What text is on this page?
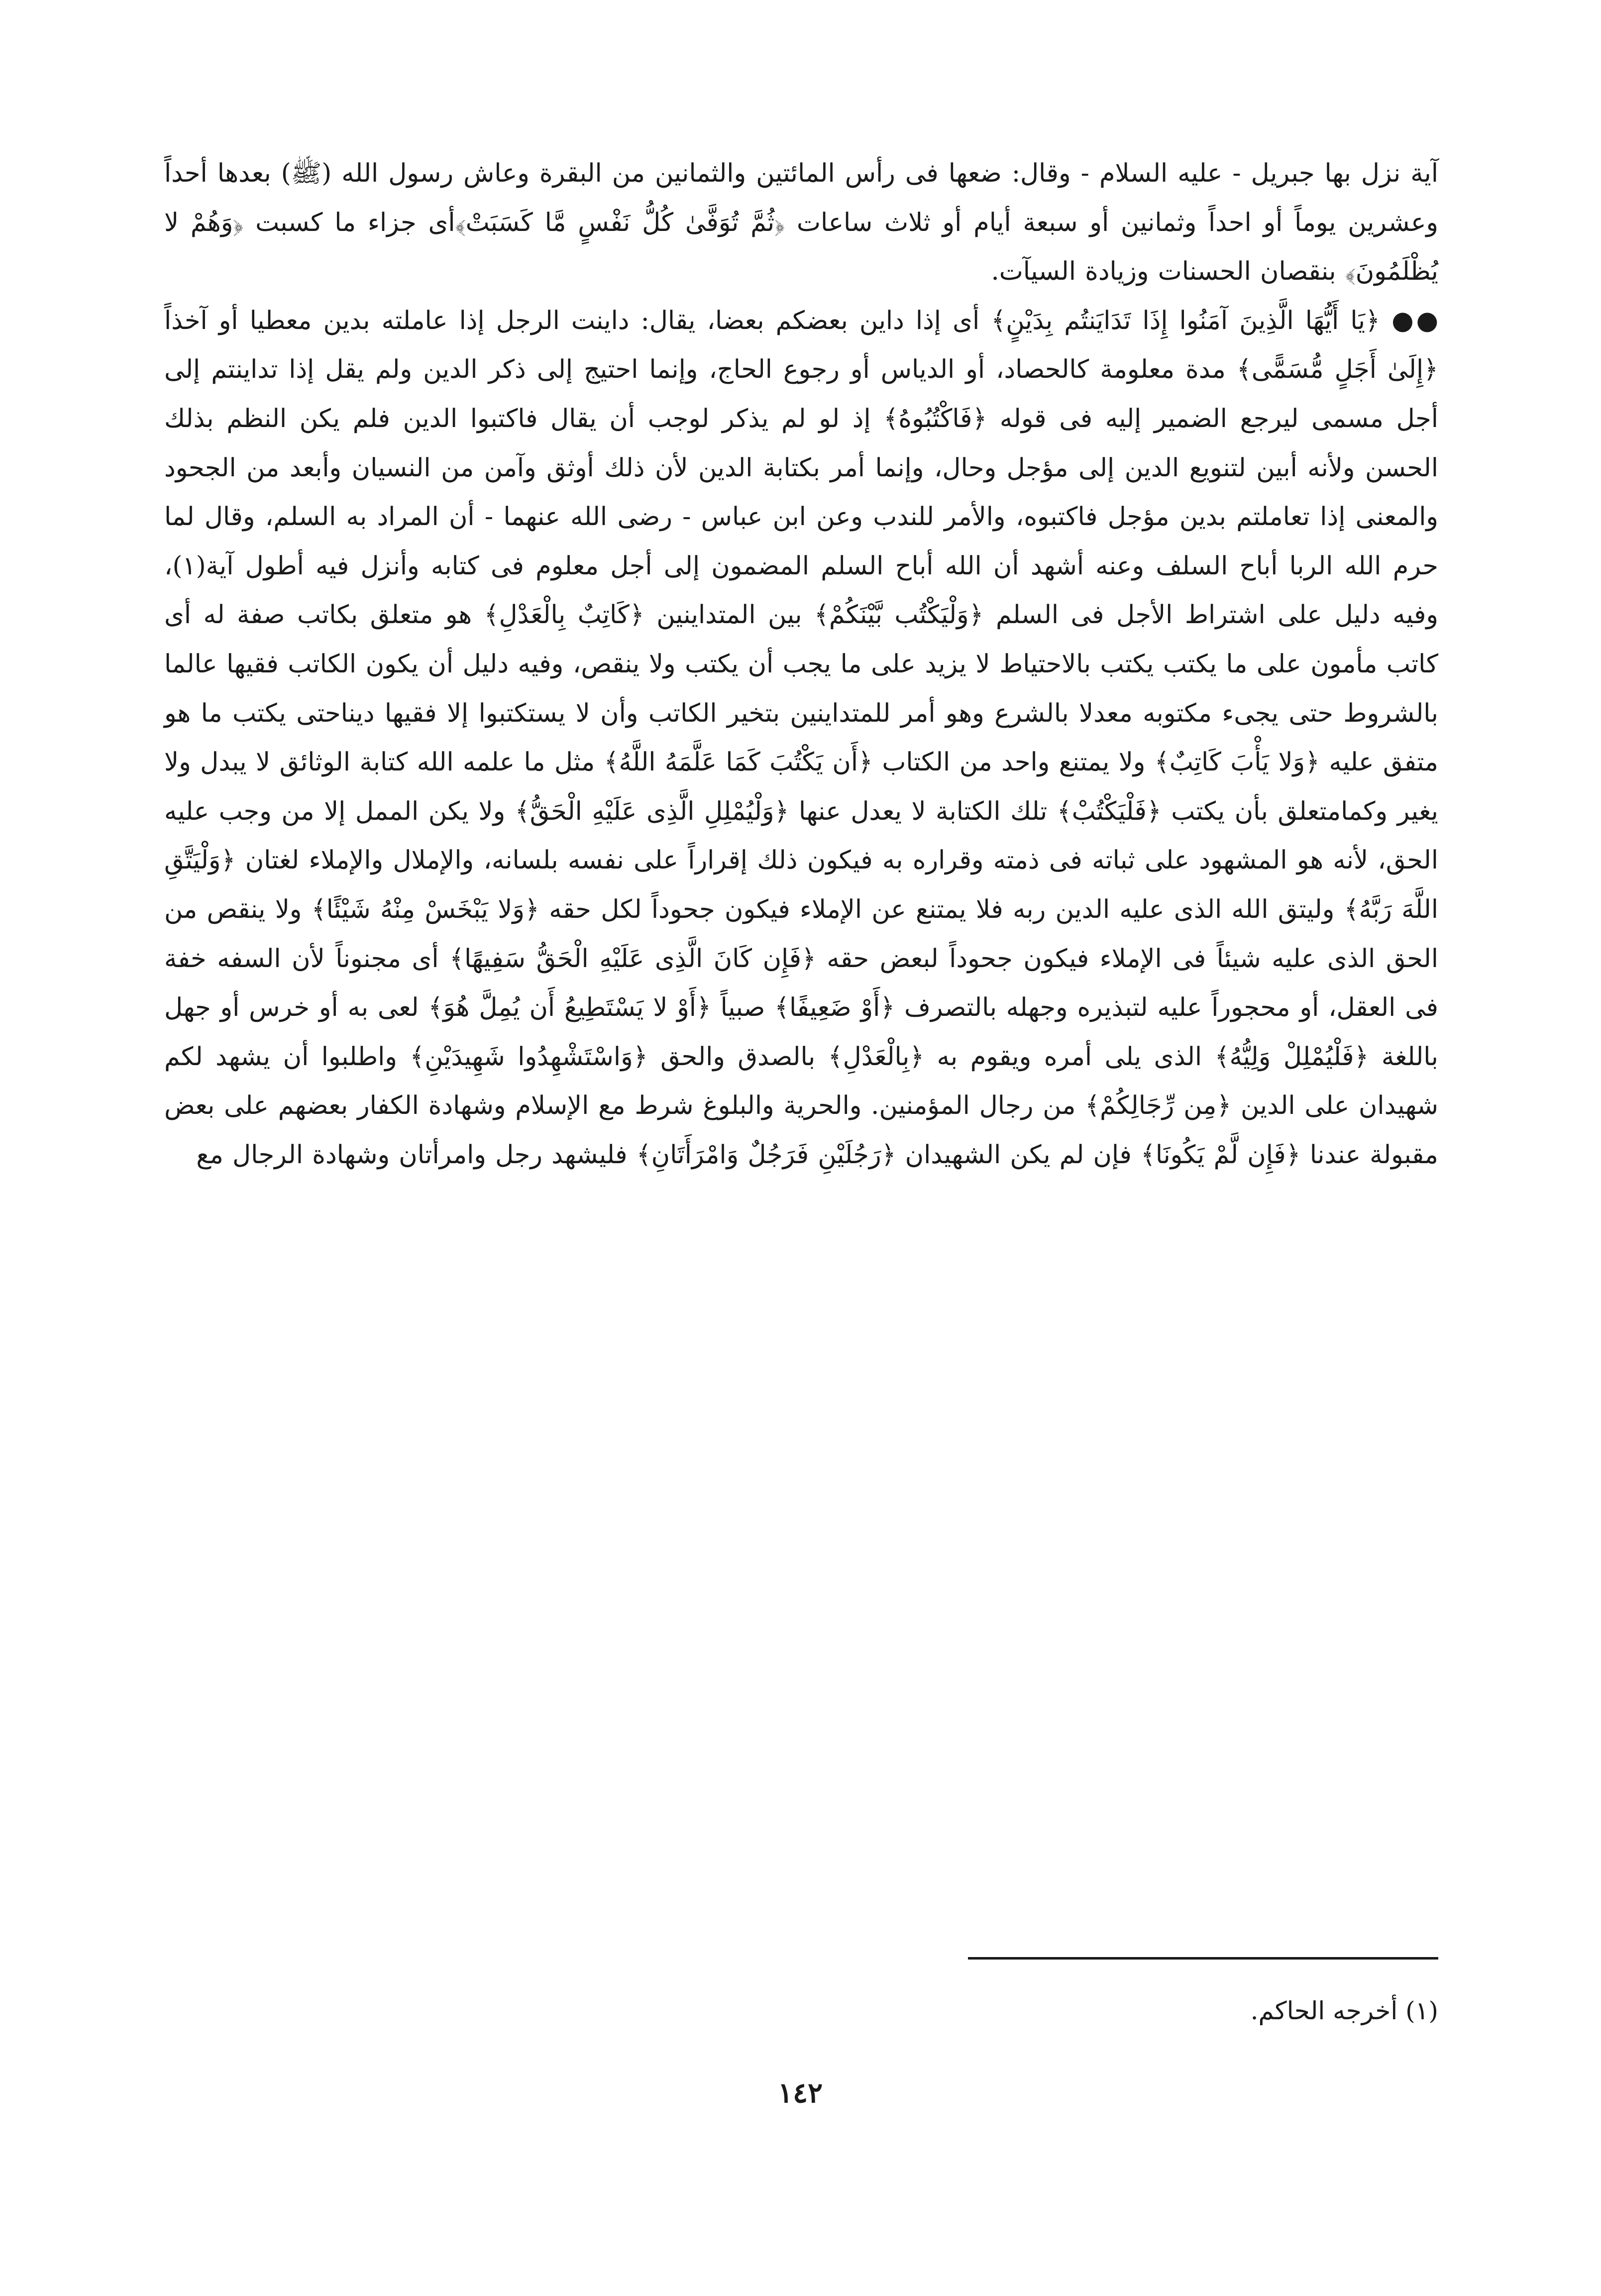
آية نزل بها جبريل - عليه السلام - وقال: ضعها فى رأس المائتين والثمانين من البقرة وعاش رسول الله (ﷺ) بعدها أحداً وعشرين يوماً أو احداً وثمانين أو سبعة أيام أو ثلاث ساعات ﴿ثُمَّ تُوَفَّىٰ كُلُّ نَفْسٍ مَّا كَسَبَتْ﴾أى جزاء ما كسبت ﴿وَهُمْ لا يُظْلَمُونَ﴾ بنقصان الحسنات وزيادة السيآت.

●● ﴿يَا أَيُّهَا الَّذِينَ آمَنُوا إِذَا تَدَايَنتُم بِدَيْنٍ﴾ أى إذا داين بعضكم بعضا، يقال: داينت الرجل إذا عاملته بدين معطيا أو آخذاً ﴿إِلَىٰ أَجَلٍ مُّسَمًّى﴾ مدة معلومة كالحصاد، أو الدياس أو رجوع الحاج، وإنما احتيج إلى ذكر الدين ولم يقل إذا تداينتم إلى أجل مسمى ليرجع الضمير إليه فى قوله ﴿فَاكْتُبُوهُ﴾ إذ لو لم يذكر لوجب أن يقال فاكتبوا الدين فلم يكن النظم بذلك الحسن ولأنه أبين لتنويع الدين إلى مؤجل وحال، وإنما أمر بكتابة الدين لأن ذلك أوثق وآمن من النسيان وأبعد من الجحود والمعنى إذا تعاملتم بدين مؤجل فاكتبوه، والأمر للندب وعن ابن عباس - رضى الله عنهما - أن المراد به السلم، وقال لما حرم الله الربا أباح السلف وعنه أشهد أن الله أباح السلم المضمون إلى أجل معلوم فى كتابه وأنزل فيه أطول آية(١)، وفيه دليل على اشتراط الأجل فى السلم ﴿وَلْيَكْتُب بَّيْنَكُمْ﴾ بين المتداينين ﴿كَاتِبٌ بِالْعَدْلِ﴾ هو متعلق بكاتب صفة له أى كاتب مأمون على ما يكتب يكتب بالاحتياط لا يزيد على ما يجب أن يكتب ولا ينقص، وفيه دليل أن يكون الكاتب فقيها عالما بالشروط حتى يجىء مكتوبه معدلا بالشرع وهو أمر للمتداينين بتخير الكاتب وأن لا يستكتبوا إلا فقيها ديناحتى يكتب ما هو متفق عليه ﴿وَلا يَأْبَ كَاتِبٌ﴾ ولا يمتنع واحد من الكتاب ﴿أَن يَكْتُبَ كَمَا عَلَّمَهُ اللَّهُ﴾ مثل ما علمه الله كتابة الوثائق لا يبدل ولا يغير وكمامتعلق بأن يكتب ﴿فَلْيَكْتُبْ﴾ تلك الكتابة لا يعدل عنها ﴿وَلْيُمْلِلِ الَّذِى عَلَيْهِ الْحَقُّ﴾ ولا يكن الممل إلا من وجب عليه الحق، لأنه هو المشهود على ثباته فى ذمته وقراره به فيكون ذلك إقراراً على نفسه بلسانه، والإملال والإملاء لغتان ﴿وَلْيَتَّقِ اللَّهَ رَبَّهُ﴾ وليتق الله الذى عليه الدين ربه فلا يمتنع عن الإملاء فيكون جحوداً لكل حقه ﴿وَلا يَبْخَسْ مِنْهُ شَيْئًا﴾ ولا ينقص من الحق الذى عليه شيئاً فى الإملاء فيكون جحوداً لبعض حقه ﴿فَإِن كَانَ الَّذِى عَلَيْهِ الْحَقُّ سَفِيهًا﴾ أى مجنوناً لأن السفه خفة فى العقل، أو محجوراً عليه لتبذيره وجهله بالتصرف ﴿أَوْ ضَعِيفًا﴾ صبياً ﴿أَوْ لا يَسْتَطِيعُ أَن يُمِلَّ هُوَ﴾ لعى به أو خرس أو جهل باللغة ﴿فَلْيُمْلِلْ وَلِيُّهُ﴾ الذى يلى أمره ويقوم به ﴿بِالْعَدْلِ﴾ بالصدق والحق ﴿وَاسْتَشْهِدُوا شَهِيدَيْنِ﴾ واطلبوا أن يشهد لكم شهيدان على الدين ﴿مِن رِّجَالِكُمْ﴾ من رجال المؤمنين. والحرية والبلوغ شرط مع الإسلام وشهادة الكفار بعضهم على بعض مقبولة عندنا ﴿فَإِن لَّمْ يَكُونَا﴾ فإن لم يكن الشهيدان ﴿رَجُلَيْنِ فَرَجُلٌ وَامْرَأَتَانِ﴾ فليشهد رجل وامرأتان وشهادة الرجال مع

(١) أخرجه الحاكم.

١٤٢
